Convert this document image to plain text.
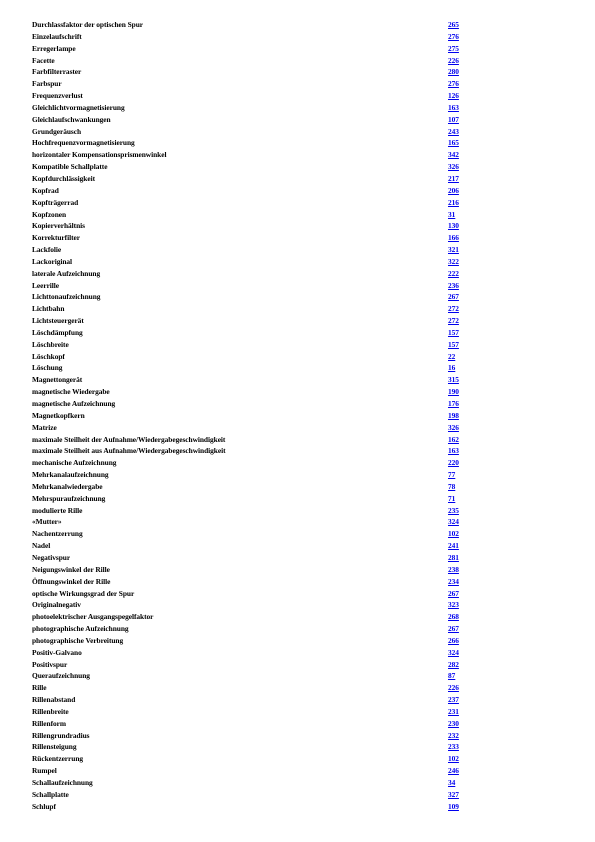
Durchlassfaktor der optischen Spur	265
Einzelaufschrift	276
Erregerlampe	275
Facette	226
Farbfilterraster	280
Farbspur	276
Frequenzverlust	126
Gleichlichtvormagnetisierung	163
Gleichlaufschwankungen	107
Grundgeräusch	243
Hochfrequenzvormagnetisierung	165
horizontaler Kompensationsprismenwinkel	342
Kompatible Schallplatte	326
Kopfdurchlässigkeit	217
Kopfrad	206
Kopfträgerrad	216
Kopfzonen	31
Kopierverhältnis	130
Korrekturfilter	166
Lackfolie	321
Lackoriginal	322
laterale Aufzeichnung	222
Leerrille	236
Lichttonaufzeichnung	267
Lichtbahn	272
Lichtsteuergerät	272
Löschdämpfung	157
Löschbreite	157
Löschkopf	22
Löschung	16
Magnettongerät	315
magnetische Wiedergabe	190
magnetische Aufzeichnung	176
Magnetkopfkern	198
Matrize	326
maximale Steilheit der Aufnahme/Wiedergabegeschwindigkeit	162
maximale Steilheit aus Aufnahme/Wiedergabegeschwindigkeit	163
mechanische Aufzeichnung	220
Mehrkanalaufzeichnung	77
Mehrkanalwiedergabe	78
Mehrspuraufzeichnung	71
modulierte Rille	235
«Mutter»	324
Nachentzerrung	102
Nadel	241
Negativspur	281
Neigungswinkel der Rille	238
Öffnungswinkel der Rille	234
optische Wirkungsgrad der Spur	267
Originalnegativ	323
photoelektrischer Ausgangspegelfaktor	268
photographische Aufzeichnung	267
photographische Verbreitung	266
Positiv-Galvano	324
Positivspur	282
Queraufzeichnung	87
Rille	226
Rillenabstand	237
Rillenbreite	231
Rillenform	230
Rillengrundradius	232
Rillensteigung	233
Rückentzerrung	102
Rumpel	246
Schallaufzeichnung	34
Schallplatte	327
Schlupf	109
